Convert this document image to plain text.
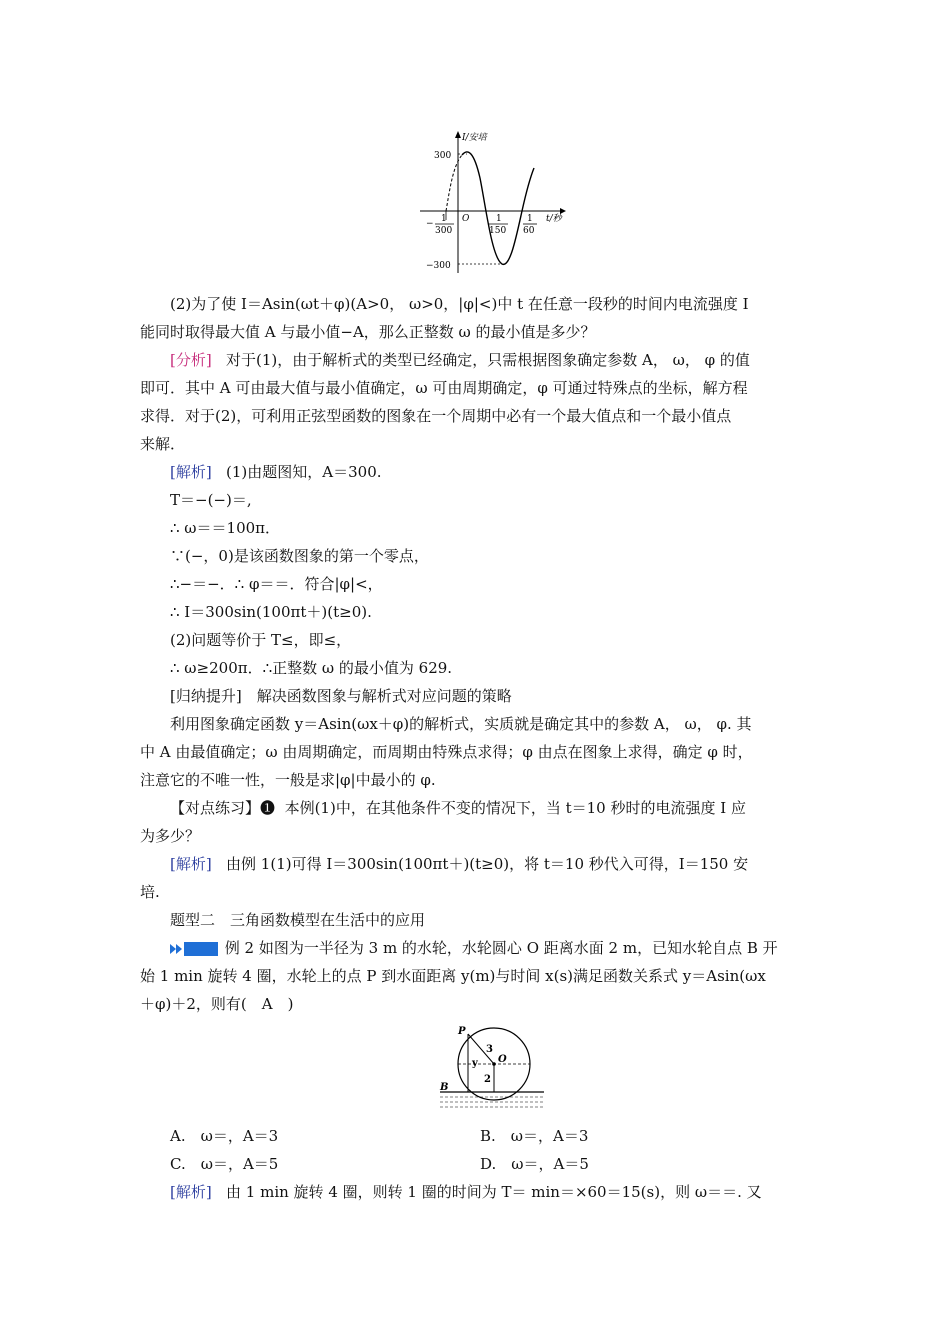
I/安培
300
−300
O	t/秒
− 1
300
1
150
1
60
(2)为了使 I＝Asin(ωt＋φ)(A>0， ω>0，|φ|<)中 t 在任意一段秒的时间内电流强度 I
能同时取得最大值 A 与最小值−A，那么正整数 ω 的最小值是多少？
[分析] 对于(1)，由于解析式的类型已经确定，只需根据图象确定参数 A， ω， φ 的值
即可．其中 A 可由最大值与最小值确定，ω 可由周期确定，φ 可通过特殊点的坐标，解方程
求得．对于(2)，可利用正弦型函数的图象在一个周期中必有一个最大值点和一个最小值点
来解．
[解析] (1)由题图知，A＝300.
T＝−(−)＝,
∴ ω＝＝100π．
∵(−，0)是该函数图象的第一个零点，
∴−＝−．∴ φ＝＝．符合|φ|<，
∴ I＝300sin(100πt＋)(t≥0).
(2)问题等价于 T≤，即≤，
∴ ω≥200π．∴正整数 ω 的最小值为 629.
[归纳提升]　解决函数图象与解析式对应问题的策略
利用图象确定函数 y＝Asin(ωx＋φ)的解析式，实质就是确定其中的参数 A， ω， φ. 其
中 A 由最值确定；ω 由周期确定，而周期由特殊点求得；φ 由点在图象上求得，确定 φ 时，
注意它的不唯一性，一般是求|φ|中最小的 φ.
【对点练习】❶ 本例(1)中，在其他条件不变的情况下，当 t＝10 秒时的电流强度 I 应
为多少？
[解析] 由例 1(1)可得 I＝300sin(100πt＋)(t≥0)，将 t＝10 秒代入可得，I＝150 安
培.
题型二　三角函数模型在生活中的应用
例 2 如图为一半径为 3 m 的水轮，水轮圆心 O 距离水面 2 m，已知水轮自点 B 开
始 1 min 旋转 4 圈，水轮上的点 P 到水面距离 y(m)与时间 x(s)满足函数关系式 y＝Asin(ωx
＋φ)＋2，则有(　A　)
P
y
3
O
2
B
A.　ω＝，A＝3	B.　ω＝，A＝3
C.　ω＝，A＝5	D.　ω＝，A＝5
[解析] 由 1 min 旋转 4 圈，则转 1 圈的时间为 T＝ min＝×60＝15(s)，则 ω＝＝. 又
